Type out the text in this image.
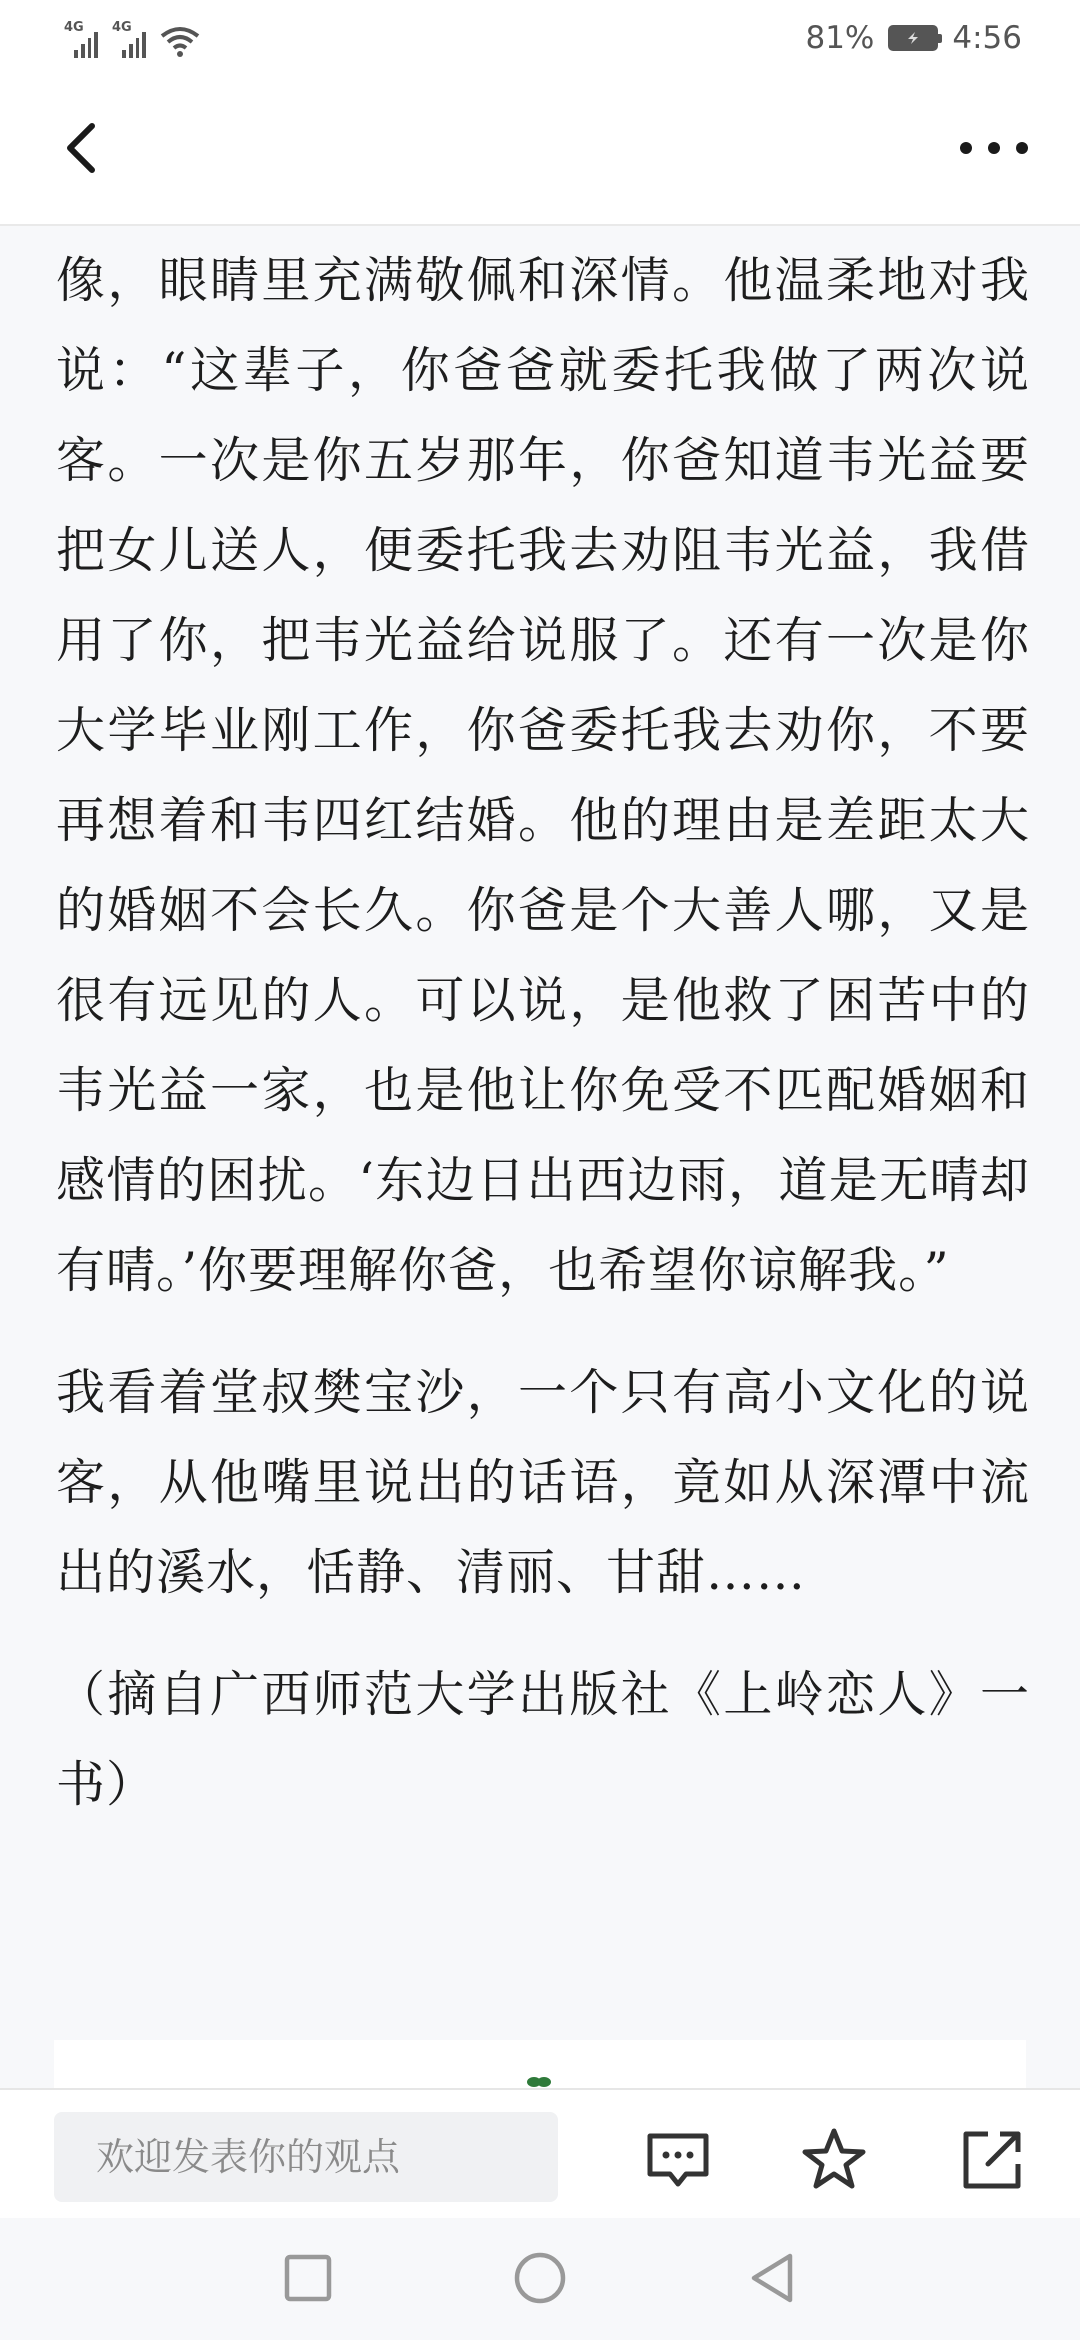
4G 4G	81%	4:56

像，眼睛里充满敬佩和深情。他温柔地对我说：“这辈子，你爸爸就委托我做了两次说客。一次是你五岁那年，你爸知道韦光益要把女儿送人，便委托我去劝阻韦光益，我借用了你，把韦光益给说服了。还有一次是你大学毕业刚工作，你爸委托我去劝你，不要再想着和韦四红结婚。他的理由是差距太大的婚姻不会长久。你爸是个大善人哪，又是很有远见的人。可以说，是他救了困苦中的韦光益一家，也是他让你免受不匹配婚姻和感情的困扰。‘东边日出西边雨，道是无晴却有晴。’你要理解你爸，也希望你谅解我。”

我看着堂叔樊宝沙，一个只有高小文化的说客，从他嘴里说出的话语，竟如从深潭中流出的溪水，恬静、清丽、甘甜……

（摘自广西师范大学出版社《上岭恋人》一书）

欢迎发表你的观点
